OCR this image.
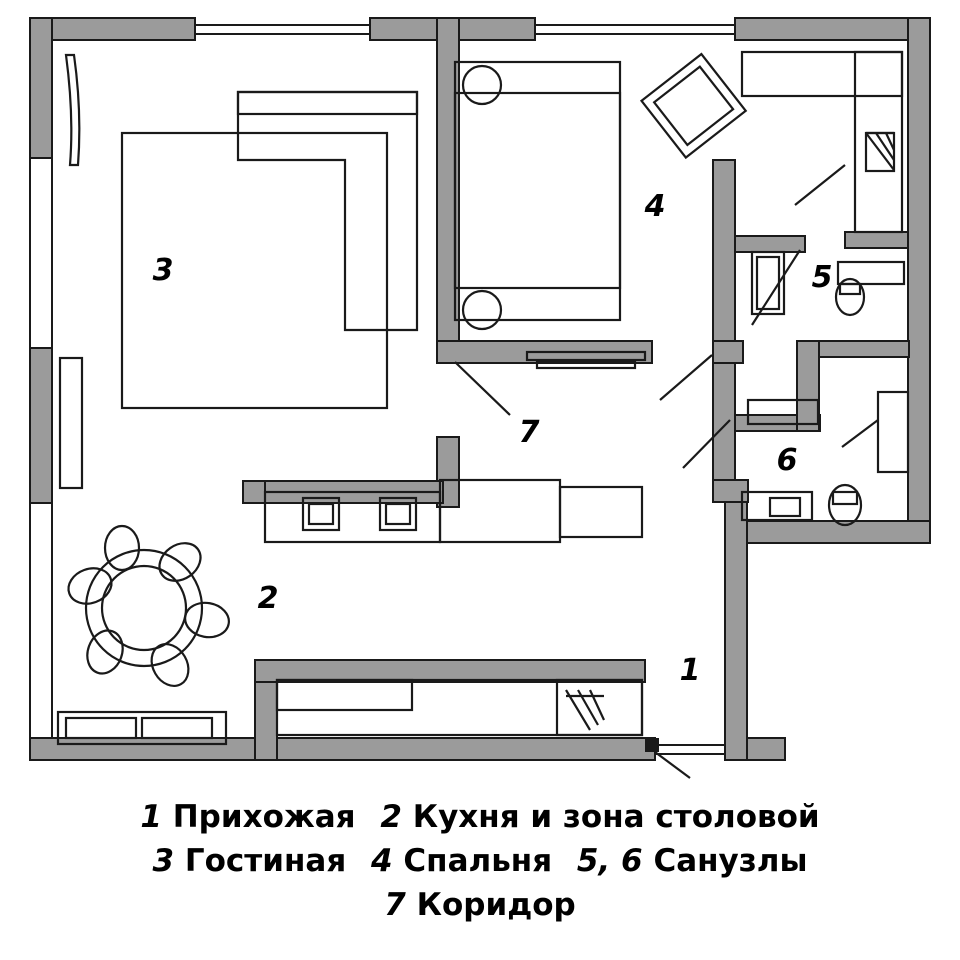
1
2
3
4
5
6
7
1 Прихожая 2 Кухня и зона столовой
3 Гостиная 4 Спальня 5, 6 Санузлы
7 Коридор
